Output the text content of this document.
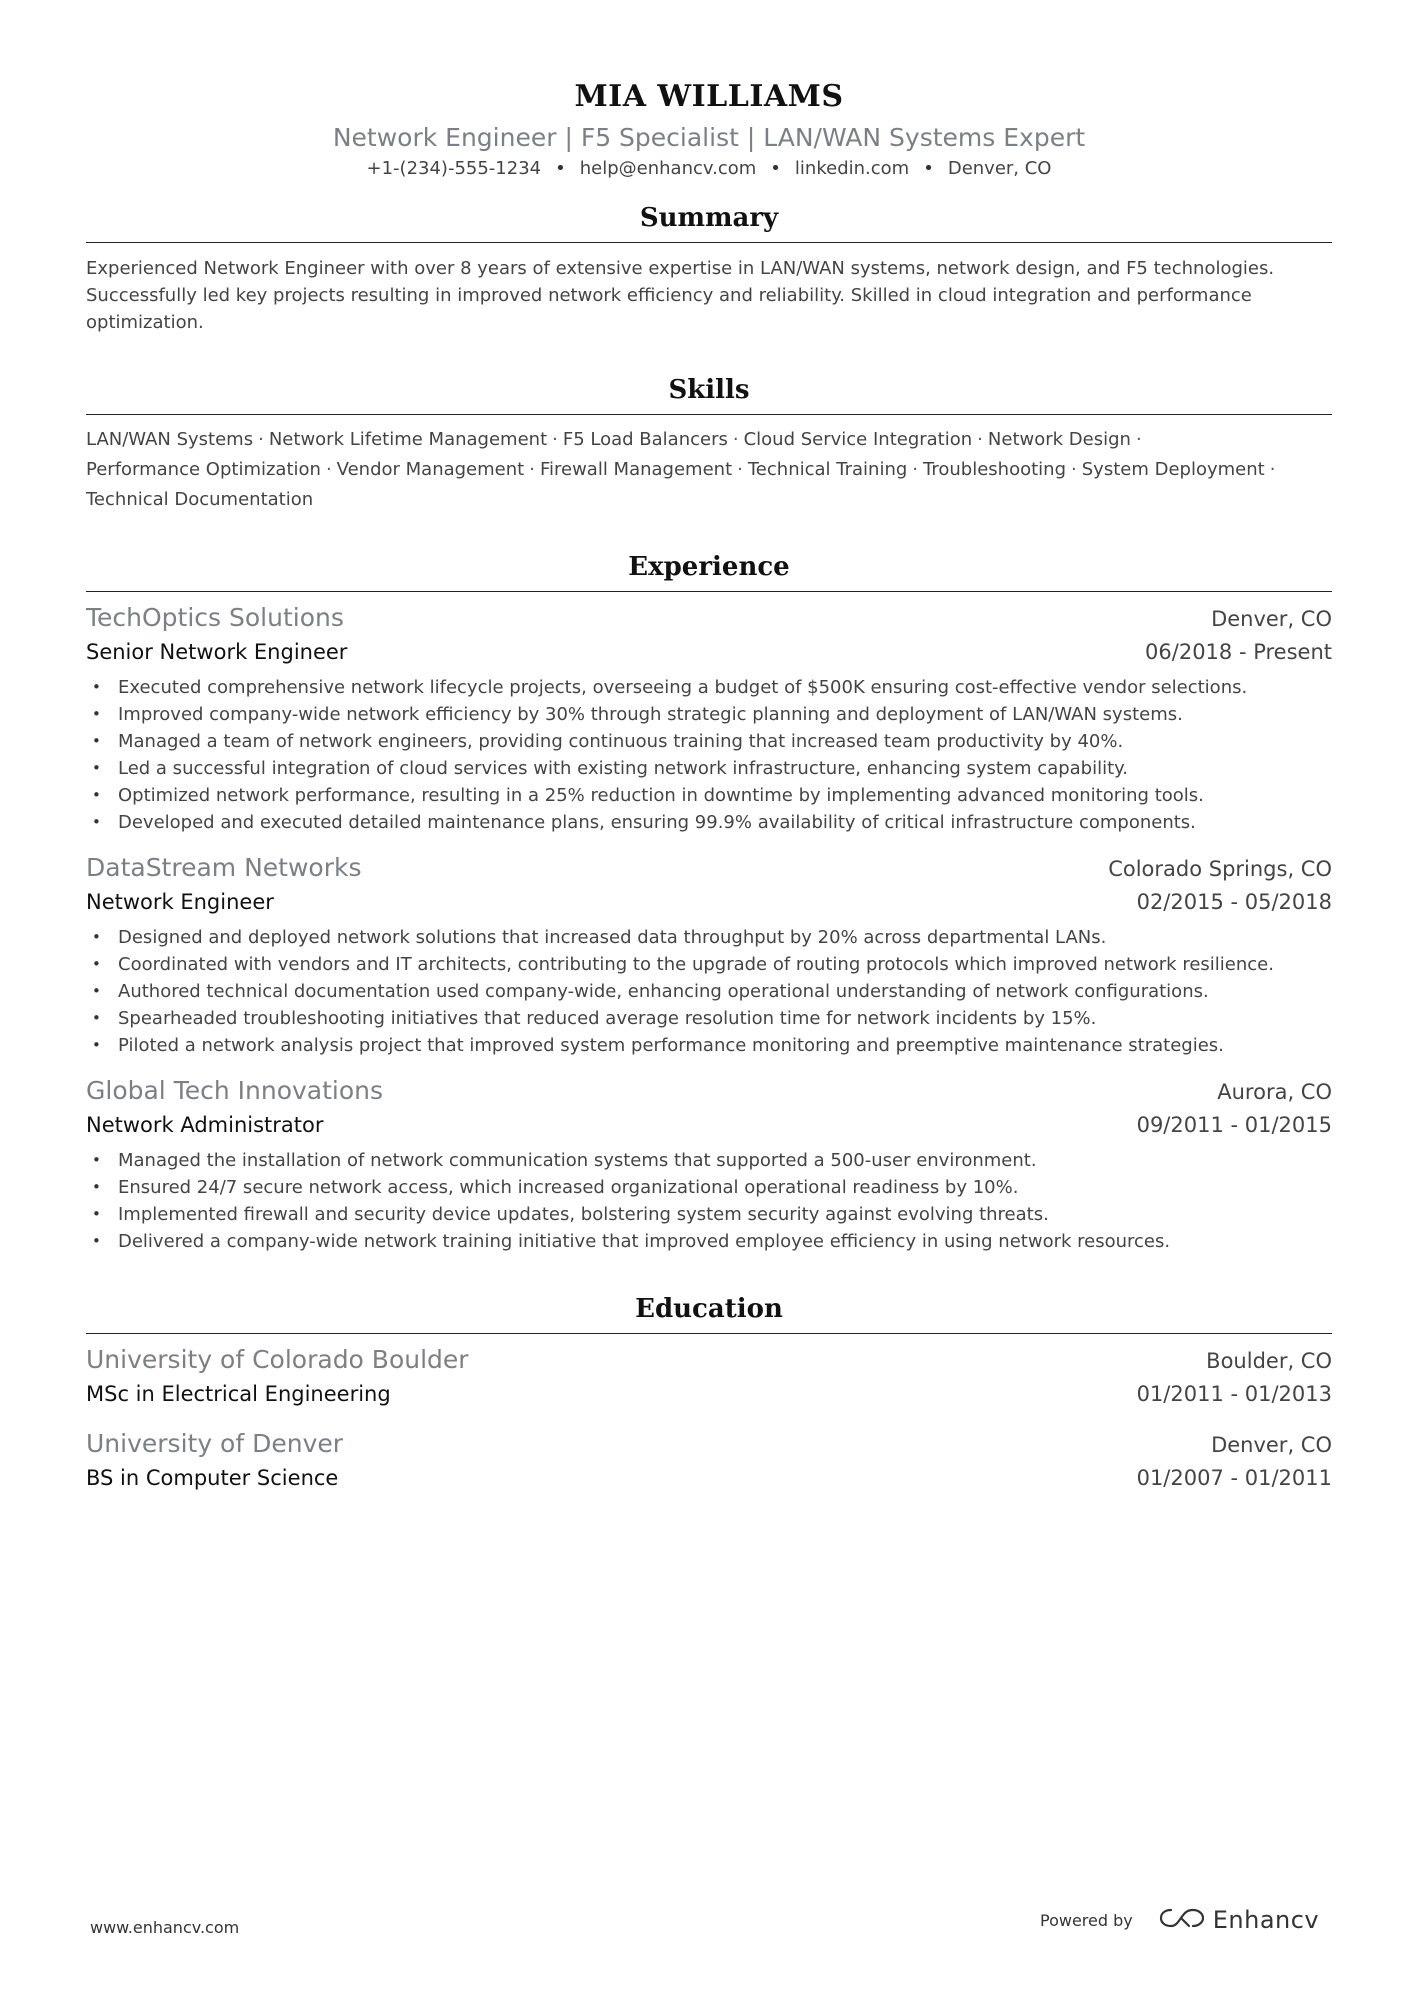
MIA WILLIAMS
Network Engineer | F5 Specialist | LAN/WAN Systems Expert
+1-(234)-555-1234 • help@enhancv.com • linkedin.com • Denver, CO
Summary
Experienced Network Engineer with over 8 years of extensive expertise in LAN/WAN systems, network design, and F5 technologies. Successfully led key projects resulting in improved network efficiency and reliability. Skilled in cloud integration and performance optimization.
Skills
LAN/WAN Systems · Network Lifetime Management · F5 Load Balancers · Cloud Service Integration · Network Design ·
Performance Optimization · Vendor Management · Firewall Management · Technical Training · Troubleshooting · System Deployment ·
Technical Documentation
Experience
TechOptics Solutions	Denver, CO
Senior Network Engineer	06/2018 - Present
• Executed comprehensive network lifecycle projects, overseeing a budget of $500K ensuring cost-effective vendor selections.
• Improved company-wide network efficiency by 30% through strategic planning and deployment of LAN/WAN systems.
• Managed a team of network engineers, providing continuous training that increased team productivity by 40%.
• Led a successful integration of cloud services with existing network infrastructure, enhancing system capability.
• Optimized network performance, resulting in a 25% reduction in downtime by implementing advanced monitoring tools.
• Developed and executed detailed maintenance plans, ensuring 99.9% availability of critical infrastructure components.
DataStream Networks	Colorado Springs, CO
Network Engineer	02/2015 - 05/2018
• Designed and deployed network solutions that increased data throughput by 20% across departmental LANs.
• Coordinated with vendors and IT architects, contributing to the upgrade of routing protocols which improved network resilience.
• Authored technical documentation used company-wide, enhancing operational understanding of network configurations.
• Spearheaded troubleshooting initiatives that reduced average resolution time for network incidents by 15%.
• Piloted a network analysis project that improved system performance monitoring and preemptive maintenance strategies.
Global Tech Innovations	Aurora, CO
Network Administrator	09/2011 - 01/2015
• Managed the installation of network communication systems that supported a 500-user environment.
• Ensured 24/7 secure network access, which increased organizational operational readiness by 10%.
• Implemented firewall and security device updates, bolstering system security against evolving threats.
• Delivered a company-wide network training initiative that improved employee efficiency in using network resources.
Education
University of Colorado Boulder	Boulder, CO
MSc in Electrical Engineering	01/2011 - 01/2013
University of Denver	Denver, CO
BS in Computer Science	01/2007 - 01/2011
www.enhancv.com	Powered by	Enhancv
